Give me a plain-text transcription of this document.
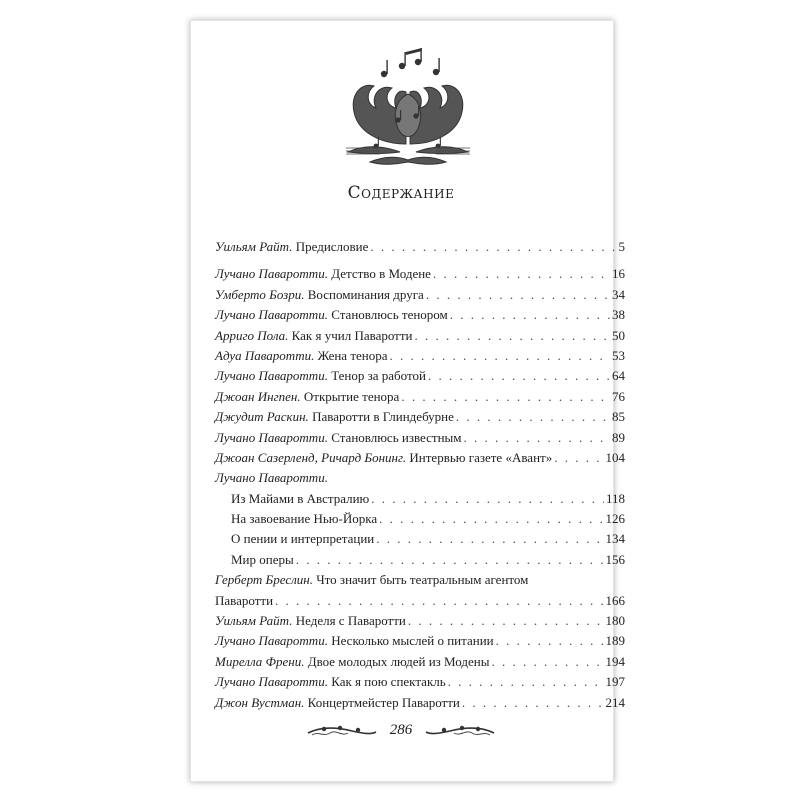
Содержание
Уильям Райт. Предисловие . . .	5
Лучано Паваротти. Детство в Модене . . .	16
Умберто Бозри. Воспоминания друга . . .	34
Лучано Паваротти. Становлюсь тенором . . .	38
Арриго Пола. Как я учил Паваротти . . .	50
Адуа Паваротти. Жена тенора . . .	53
Лучано Паваротти. Тенор за работой . . .	64
Джоан Ингпен. Открытие тенора . . .	76
Джудит Раскин. Паваротти в Глиндебурне . . .	85
Лучано Паваротти. Становлюсь известным . . .	89
Джоан Сазерленд, Ричард Бонинг. Интервью газете «Авант» . . .	104
Лучано Паваротти.
Из Майами в Австралию . . .	118
На завоевание Нью-Йорка . . .	126
О пении и интерпретации . . .	134
Мир оперы . . .	156
Герберт Бреслин. Что значит быть театральным агентом
Паваротти . . .	166
Уильям Райт. Неделя с Паваротти . . .	180
Лучано Паваротти. Несколько мыслей о питании . . .	189
Мирелла Френи. Двое молодых людей из Модены . . .	194
Лучано Паваротти. Как я пою спектакль . . .	197
Джон Вустман. Концертмейстер Паваротти . . .	214
286
